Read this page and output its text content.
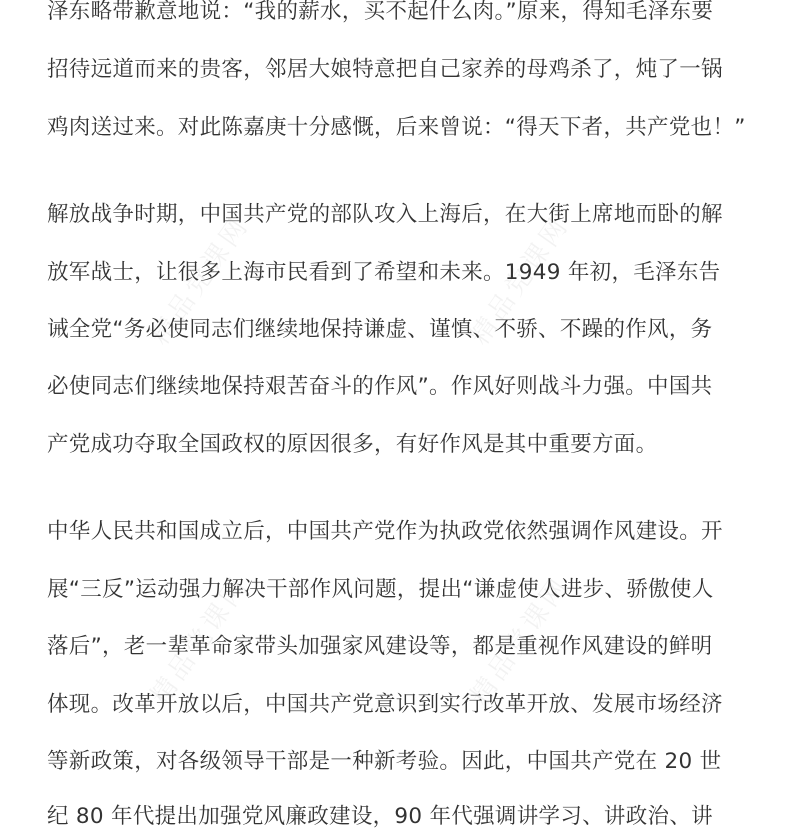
精品党课网	精品党课网
精品党课网	精品党课网
泽东略带歉意地说：“我的薪水，买不起什么肉。”原来，得知毛泽东要
招待远道而来的贵客，邻居大娘特意把自己家养的母鸡杀了，炖了一锅
鸡肉送过来。对此陈嘉庚十分感慨，后来曾说：“得天下者，共产党也！”
解放战争时期，中国共产党的部队攻入上海后，在大街上席地而卧的解
放军战士，让很多上海市民看到了希望和未来。1949 年初，毛泽东告
诫全党“务必使同志们继续地保持谦虚、谨慎、不骄、不躁的作风，务
必使同志们继续地保持艰苦奋斗的作风”。作风好则战斗力强。中国共
产党成功夺取全国政权的原因很多，有好作风是其中重要方面。
中华人民共和国成立后，中国共产党作为执政党依然强调作风建设。开
展“三反”运动强力解决干部作风问题，提出“谦虚使人进步、骄傲使人
落后”，老一辈革命家带头加强家风建设等，都是重视作风建设的鲜明
体现。改革开放以后，中国共产党意识到实行改革开放、发展市场经济
等新政策，对各级领导干部是一种新考验。因此，中国共产党在 20 世
纪 80 年代提出加强党风廉政建设，90 年代强调讲学习、讲政治、讲
